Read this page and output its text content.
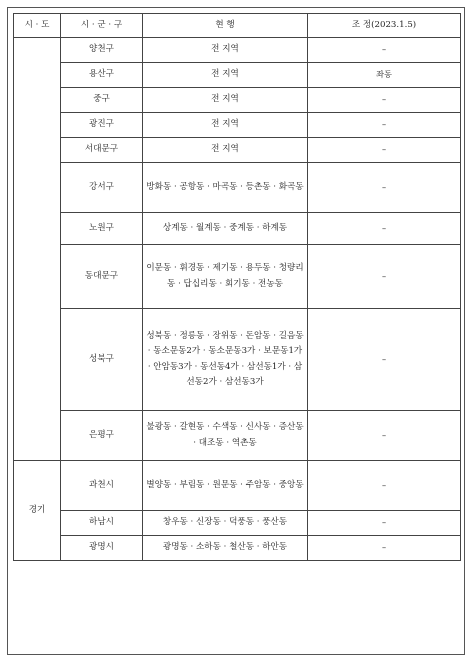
시 · 도	시 · 군 · 구	현 행	조 정(2023.1.5)
	양천구	전 지역	–
	용산구	전 지역	좌동
	중구	전 지역	–
	광진구	전 지역	–
	서대문구	전 지역	–
	강서구	방화동 · 공항동 · 마곡동 · 등촌동 · 화곡동	–
	노원구	상계동 · 월계동 · 중계동 · 하계동	–
	동대문구	이문동 · 휘경동 · 제기동 · 용두동 · 청량리동 · 답십리동 · 회기동 · 전농동	–
	성북구	성북동 · 정릉동 · 장위동 · 돈암동 · 길음동 · 동소문동2가 · 동소문동3가 · 보문동1가 · 안암동3가 · 동선동4가 · 삼선동1가 · 삼선동2가 · 삼선동3가	–
	은평구	불광동 · 갈현동 · 수색동 · 신사동 · 증산동 · 대조동 · 역촌동	–
경기	과천시	별양동 · 부림동 · 원문동 · 주암동 · 중앙동	–
	하남시	창우동 · 신장동 · 덕풍동 · 풍산동	–
	광명시	광명동 · 소하동 · 철산동 · 하안동	–
